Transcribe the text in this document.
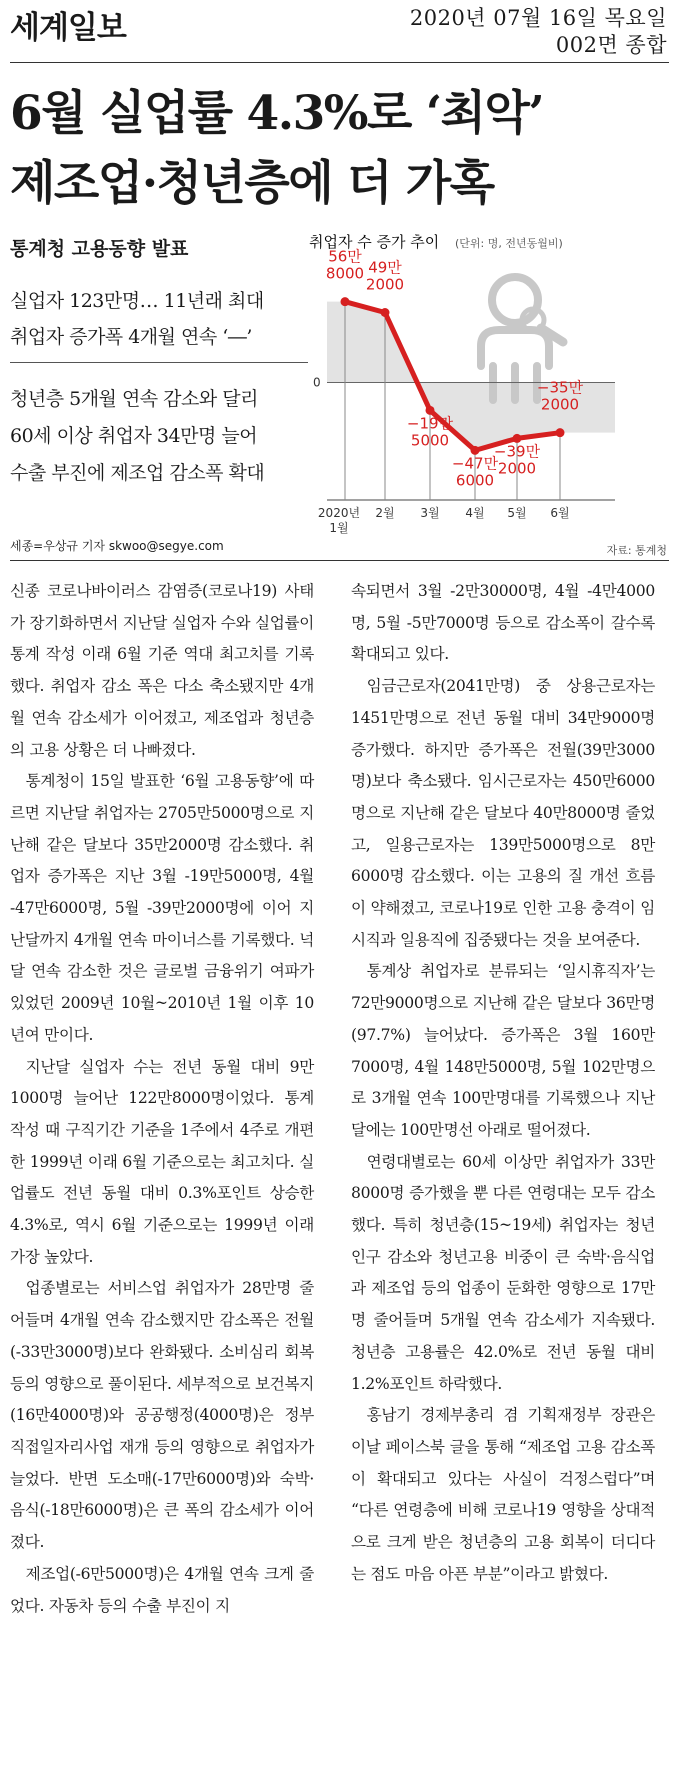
세계일보	2020년 07월 16일 목요일
002면 종합
6월 실업률 4.3%로 ‘최악’
제조업·청년층에 더 가혹
통계청 고용동향 발표
실업자 123만명… 11년래 최대
취업자 증가폭 4개월 연속 ‘―’
청년층 5개월 연속 감소와 달리
60세 이상 취업자 34만명 늘어
수출 부진에 제조업 감소폭 확대
세종=우상규 기자 skwoo@segye.com
취업자 수 증가 추이 (단위: 명, 전년동월비)
0
56만 8000 49만 2000
−19만 5000
−47만 6000
−39만 2000
−35만 2000
2020년 1월
2월 3월 4월 5월 6월
자료: 통계청

신종 코로나바이러스 감염증(코로나19) 사태가 장기화하면서 지난달 실업자 수와 실업률이 통계 작성 이래 6월 기준 역대 최고치를 기록했다. 취업자 감소 폭은 다소 축소됐지만 4개월 연속 감소세가 이어졌고, 제조업과 청년층의 고용 상황은 더 나빠졌다.

통계청이 15일 발표한 ‘6월 고용동향’에 따르면 지난달 취업자는 2705만5000명으로 지난해 같은 달보다 35만2000명 감소했다. 취업자 증가폭은 지난 3월 -19만5000명, 4월 -47만6000명, 5월 -39만2000명에 이어 지난달까지 4개월 연속 마이너스를 기록했다. 넉 달 연속 감소한 것은 글로벌 금융위기 여파가 있었던 2009년 10월~2010년 1월 이후 10년여 만이다.

지난달 실업자 수는 전년 동월 대비 9만1000명 늘어난 122만8000명이었다. 통계 작성 때 구직기간 기준을 1주에서 4주로 개편한 1999년 이래 6월 기준으로는 최고치다. 실업률도 전년 동월 대비 0.3%포인트 상승한 4.3%로, 역시 6월 기준으로는 1999년 이래 가장 높았다.

업종별로는 서비스업 취업자가 28만명 줄어들며 4개월 연속 감소했지만 감소폭은 전월(-33만3000명)보다 완화됐다. 소비심리 회복 등의 영향으로 풀이된다. 세부적으로 보건복지(16만4000명)와 공공행정(4000명)은 정부 직접일자리사업 재개 등의 영향으로 취업자가 늘었다. 반면 도소매(-17만6000명)와 숙박·음식(-18만6000명)은 큰 폭의 감소세가 이어졌다.

제조업(-6만5000명)은 4개월 연속 크게 줄었다. 자동차 등의 수출 부진이 지

속되면서 3월 -2만30000명, 4월 -4만4000명, 5월 -5만7000명 등으로 감소폭이 갈수록 확대되고 있다.

임금근로자(2041만명) 중 상용근로자는 1451만명으로 전년 동월 대비 34만9000명 증가했다. 하지만 증가폭은 전월(39만3000명)보다 축소됐다. 임시근로자는 450만6000명으로 지난해 같은 달보다 40만8000명 줄었고, 일용근로자는 139만5000명으로 8만6000명 감소했다. 이는 고용의 질 개선 흐름이 약해졌고, 코로나19로 인한 고용 충격이 임시직과 일용직에 집중됐다는 것을 보여준다.

통계상 취업자로 분류되는 ‘일시휴직자’는 72만9000명으로 지난해 같은 달보다 36만명(97.7%) 늘어났다. 증가폭은 3월 160만7000명, 4월 148만5000명, 5월 102만명으로 3개월 연속 100만명대를 기록했으나 지난달에는 100만명선 아래로 떨어졌다.

연령대별로는 60세 이상만 취업자가 33만8000명 증가했을 뿐 다른 연령대는 모두 감소했다. 특히 청년층(15~19세) 취업자는 청년인구 감소와 청년고용 비중이 큰 숙박·음식업과 제조업 등의 업종이 둔화한 영향으로 17만명 줄어들며 5개월 연속 감소세가 지속됐다. 청년층 고용률은 42.0%로 전년 동월 대비 1.2%포인트 하락했다.

홍남기 경제부총리 겸 기획재정부 장관은 이날 페이스북 글을 통해 “제조업 고용 감소폭이 확대되고 있다는 사실이 걱정스럽다”며 “다른 연령층에 비해 코로나19 영향을 상대적으로 크게 받은 청년층의 고용 회복이 더디다는 점도 마음 아픈 부분”이라고 밝혔다.
